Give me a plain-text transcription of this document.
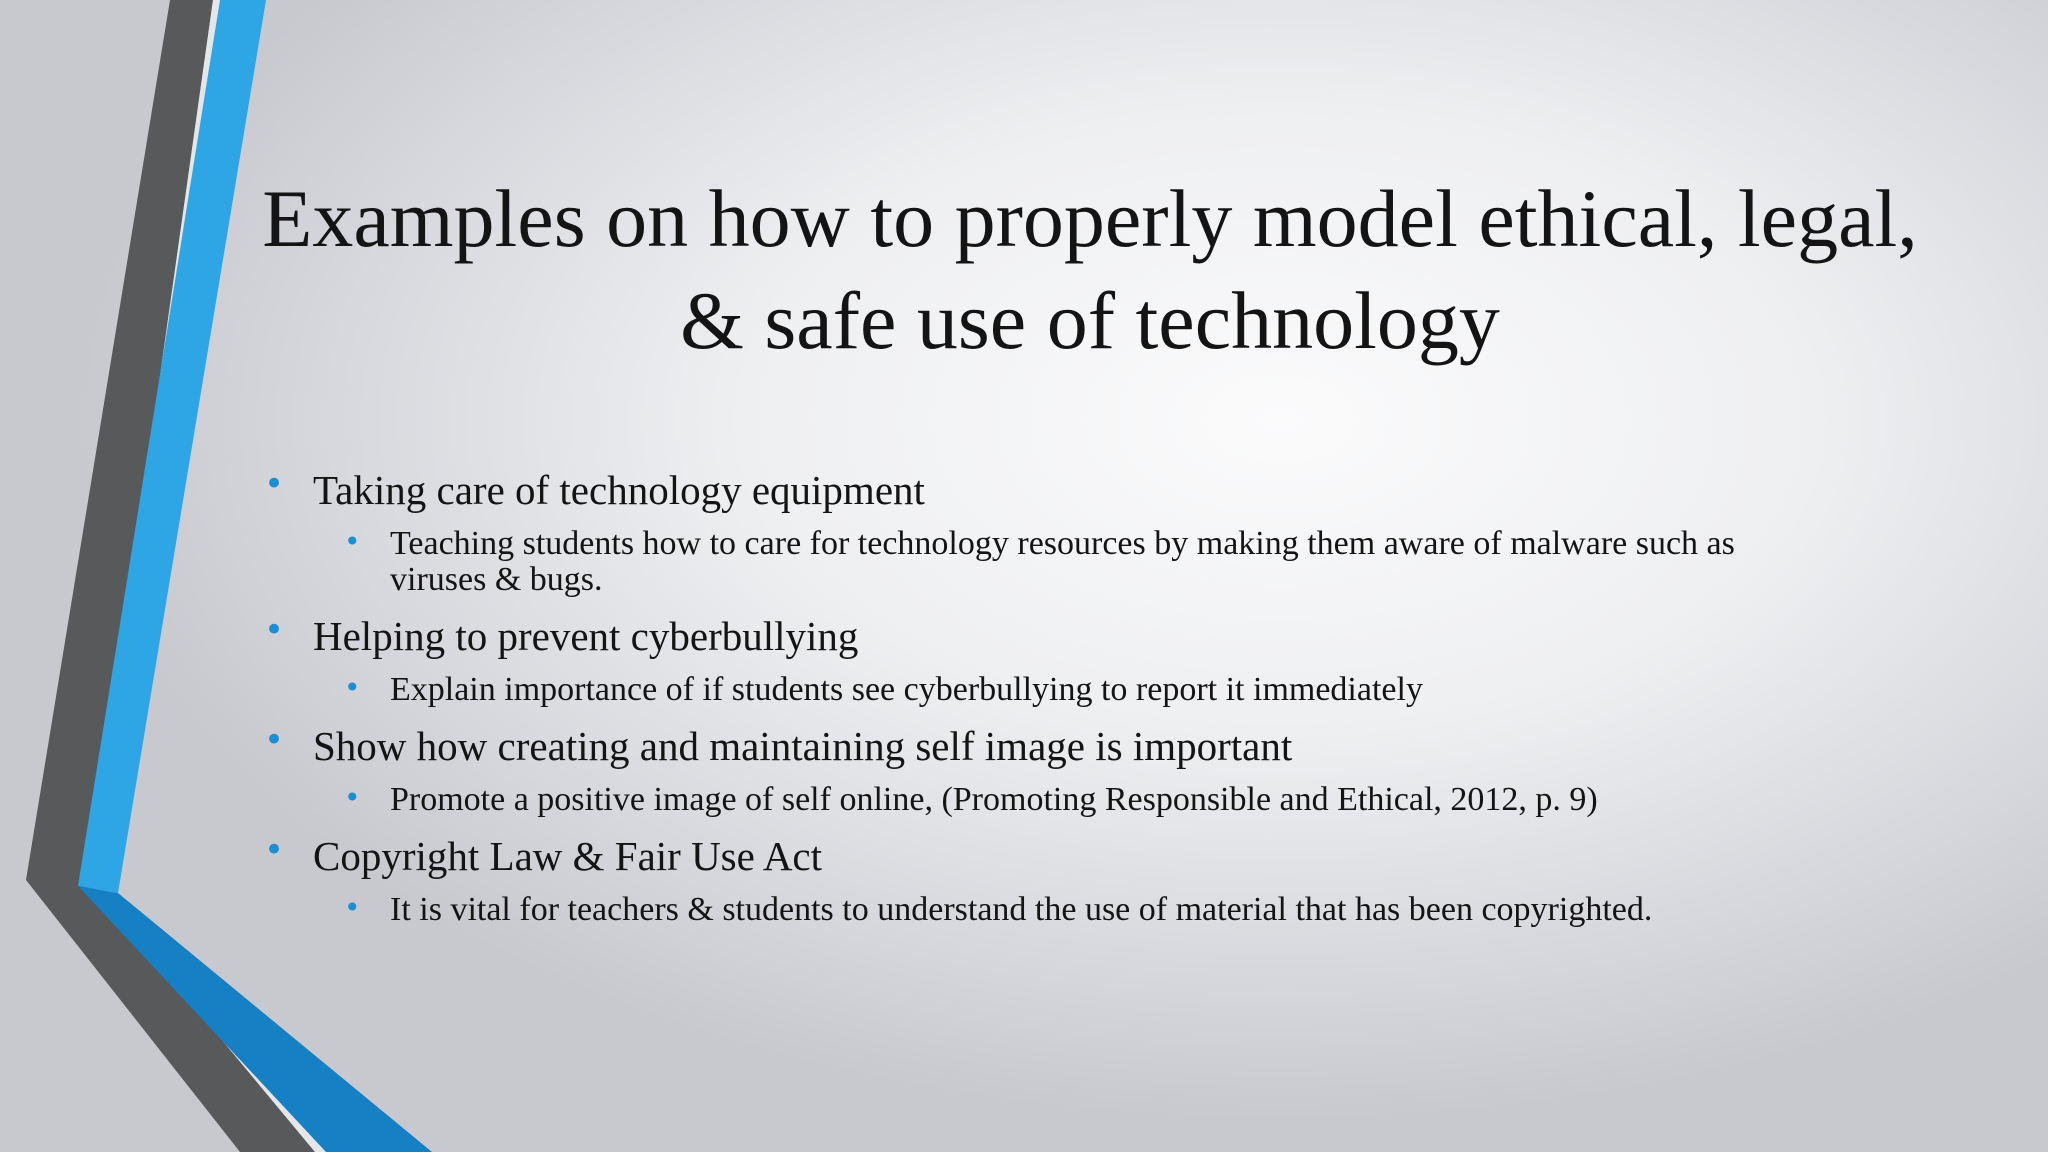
Examples on how to properly model ethical, legal, & safe use of technology
• Taking care of technology equipment
• Teaching students how to care for technology resources by making them aware of malware such as viruses & bugs.
• Helping to prevent cyberbullying
• Explain importance of if students see cyberbullying to report it immediately
• Show how creating and maintaining self image is important
• Promote a positive image of self online, (Promoting Responsible and Ethical, 2012, p. 9)
• Copyright Law & Fair Use Act
• It is vital for teachers & students to understand the use of material that has been copyrighted.
